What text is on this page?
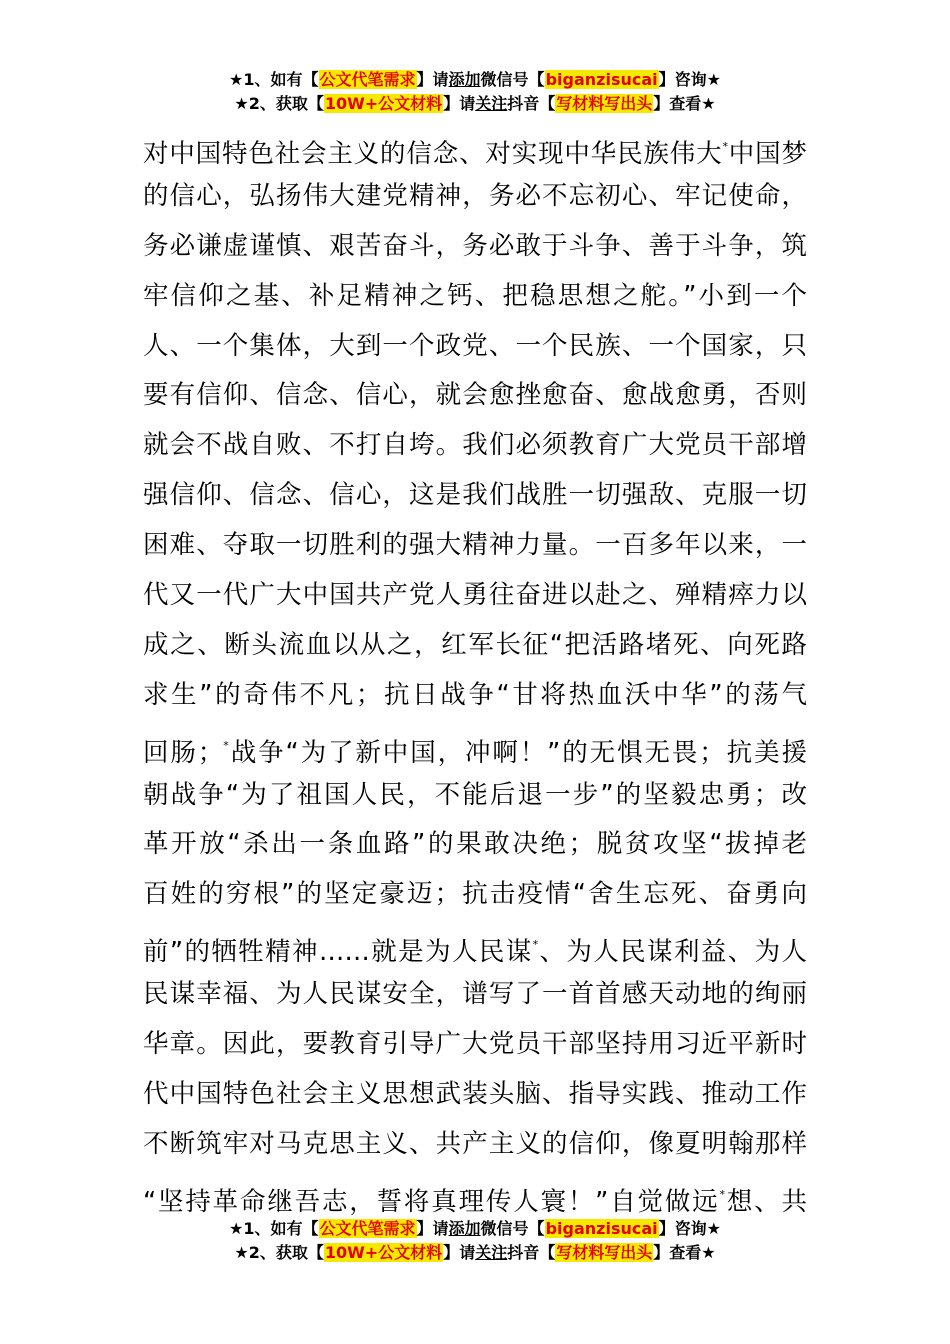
★1、如有【公文代笔需求】请添加微信号【biganzisucai】咨询★
★2、获取【10W+公文材料】请关注抖音【写材料写出头】查看★
对中国特色社会主义的信念、对实现中华民族伟大*中国梦
的信心，弘扬伟大建党精神，务必不忘初心、牢记使命，
务必谦虚谨慎、艰苦奋斗，务必敢于斗争、善于斗争，筑
牢信仰之基、补足精神之钙、把稳思想之舵。”小到一个
人、一个集体，大到一个政党、一个民族、一个国家，只
要有信仰、信念、信心，就会愈挫愈奋、愈战愈勇，否则
就会不战自败、不打自垮。我们必须教育广大党员干部增
强信仰、信念、信心，这是我们战胜一切强敌、克服一切
困难、夺取一切胜利的强大精神力量。一百多年以来，一
代又一代广大中国共产党人勇往奋进以赴之、殚精瘁力以
成之、断头流血以从之，红军长征“把活路堵死、向死路
求生”的奇伟不凡；抗日战争“甘将热血沃中华”的荡气
回肠；*战争“为了新中国，冲啊！”的无惧无畏；抗美援
朝战争“为了祖国人民，不能后退一步”的坚毅忠勇；改
革开放“杀出一条血路”的果敢决绝；脱贫攻坚“拔掉老
百姓的穷根”的坚定豪迈；抗击疫情“舍生忘死、奋勇向
前”的牺牲精神……就是为人民谋*、为人民谋利益、为人
民谋幸福、为人民谋安全，谱写了一首首感天动地的绚丽
华章。因此，要教育引导广大党员干部坚持用习近平新时
代中国特色社会主义思想武装头脑、指导实践、推动工作
不断筑牢对马克思主义、共产主义的信仰，像夏明翰那样
“坚持革命继吾志，誓将真理传人寰！”自觉做远*想、共
★1、如有【公文代笔需求】请添加微信号【biganzisucai】咨询★
★2、获取【10W+公文材料】请关注抖音【写材料写出头】查看★
